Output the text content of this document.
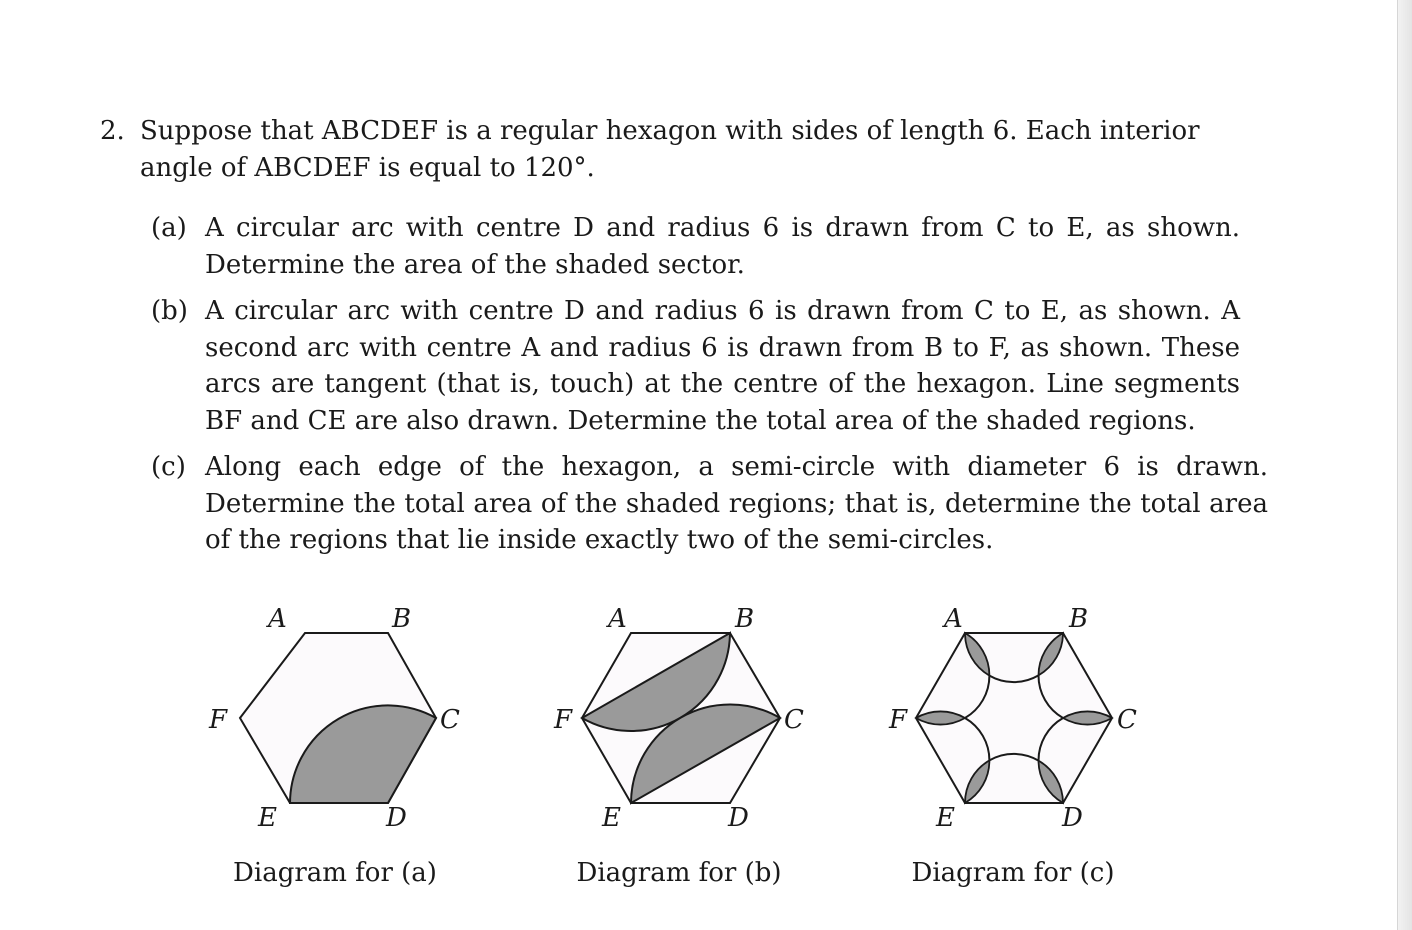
2. Suppose that ABCDEF is a regular hexagon with sides of length 6. Each interior angle of ABCDEF is equal to 120°.
(a) A circular arc with centre D and radius 6 is drawn from C to E, as shown. Determine the area of the shaded sector.
(b) A circular arc with centre D and radius 6 is drawn from C to E, as shown. A second arc with centre A and radius 6 is drawn from B to F, as shown. These arcs are tangent (that is, touch) at the centre of the hexagon. Line segments BF and CE are also drawn. Determine the total area of the shaded regions.
(c) Along each edge of the hexagon, a semi-circle with diameter 6 is drawn. Determine the total area of the shaded regions; that is, determine the total area of the regions that lie inside exactly two of the semi-circles.
A	B
C
D
E
F
Diagram for (a)
A	B
C
D
E
F
Diagram for (b)
A	B
C
D
E
F
Diagram for (c)
